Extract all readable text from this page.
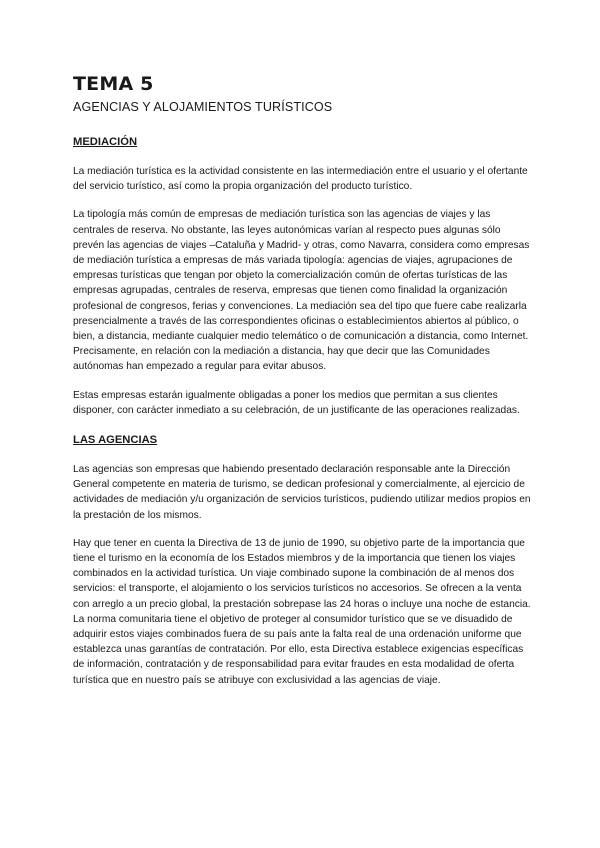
TEMA 5

AGENCIAS Y ALOJAMIENTOS TURÍSTICOS

MEDIACIÓN

La mediación turística es la actividad consistente en las intermediación entre el usuario y el ofertante del servicio turístico, así como la propia organización del producto turístico.

La tipología más común de empresas de mediación turística son las agencias de viajes y las centrales de reserva. No obstante, las leyes autonómicas varían al respecto pues algunas sólo prevén las agencias de viajes –Cataluña y Madrid- y otras, como Navarra, considera como empresas de mediación turística a empresas de más variada tipología: agencias de viajes, agrupaciones de empresas turísticas que tengan por objeto la comercialización común de ofertas turísticas de las empresas agrupadas, centrales de reserva, empresas que tienen como finalidad la organización profesional de congresos, ferias y convenciones. La mediación sea del tipo que fuere cabe realizarla presencialmente a través de las correspondientes oficinas o establecimientos abiertos al público, o bien, a distancia, mediante cualquier medio telemático o de comunicación a distancia, como Internet. Precisamente, en relación con la mediación a distancia, hay que decir que las Comunidades autónomas han empezado a regular para evitar abusos.

Estas empresas estarán igualmente obligadas a poner los medios que permitan a sus clientes disponer, con carácter inmediato a su celebración, de un justificante de las operaciones realizadas.

LAS AGENCIAS

Las agencias son empresas que habiendo presentado declaración responsable ante la Dirección General competente en materia de turismo, se dedican profesional y comercialmente, al ejercicio de actividades de mediación y/u organización de servicios turísticos, pudiendo utilizar medios propios en la prestación de los mismos.

Hay que tener en cuenta la Directiva de 13 de junio de 1990, su objetivo parte de la importancia que tiene el turismo en la economía de los Estados miembros y de la importancia que tienen los viajes combinados en la actividad turística. Un viaje combinado supone la combinación de al menos dos servicios: el transporte, el alojamiento o los servicios turísticos no accesorios. Se ofrecen a la venta con arreglo a un precio global, la prestación sobrepase las 24 horas o incluye una noche de estancia. La norma comunitaria tiene el objetivo de proteger al consumidor turístico que se ve disuadido de adquirir estos viajes combinados fuera de su país ante la falta real de una ordenación uniforme que establezca unas garantías de contratación. Por ello, esta Directiva establece exigencias específicas de información, contratación y de responsabilidad para evitar fraudes en esta modalidad de oferta turística que en nuestro país se atribuye con exclusividad a las agencias de viaje.
